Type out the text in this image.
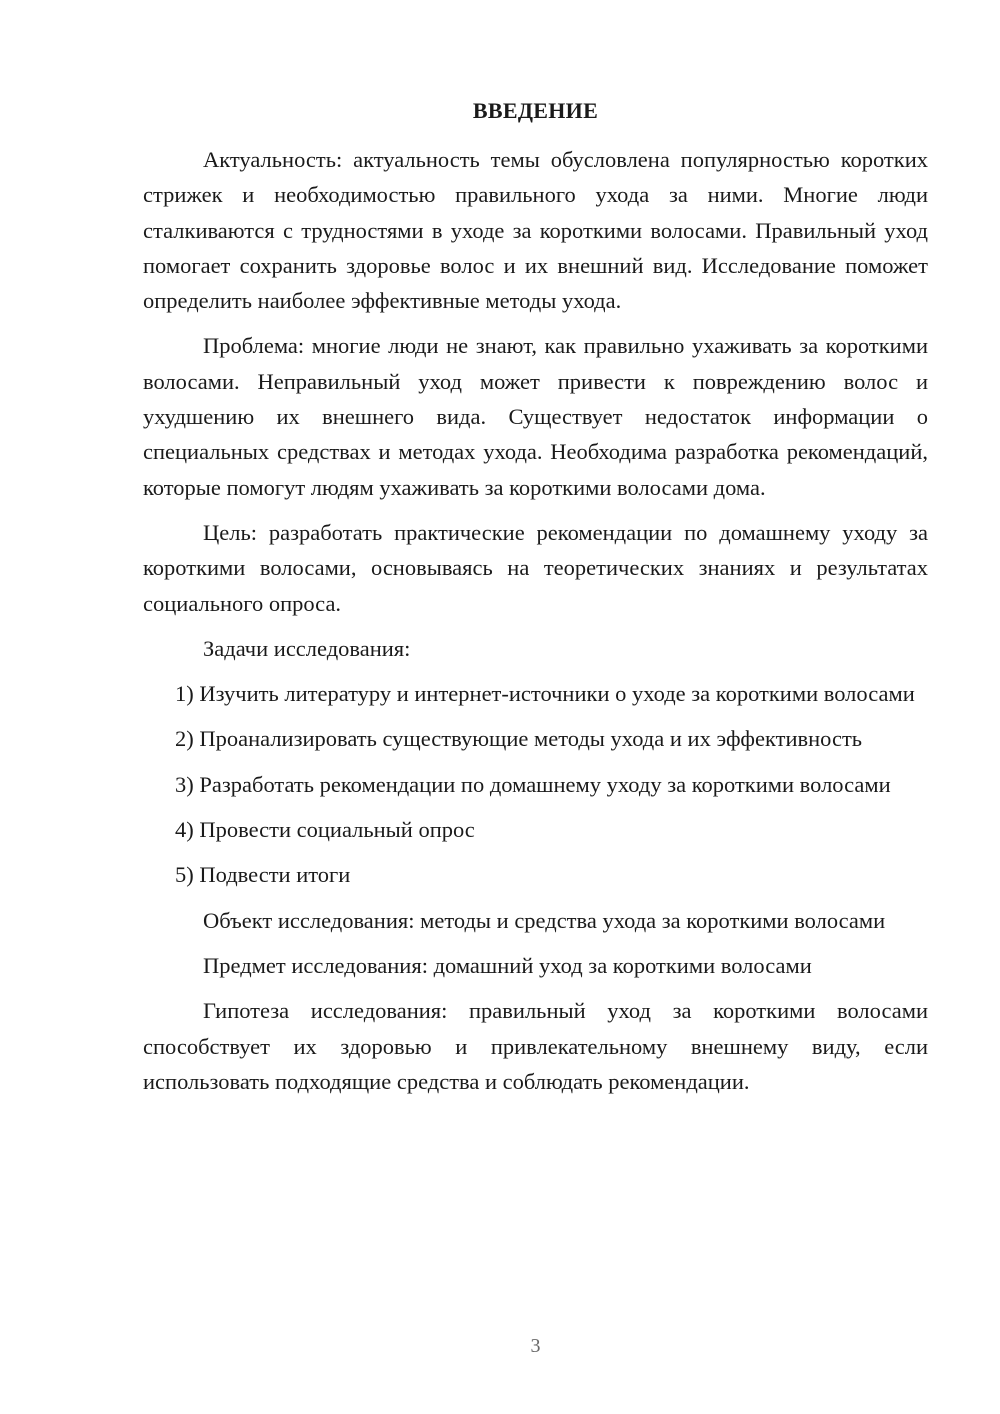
ВВЕДЕНИЕ

Актуальность: актуальность темы обусловлена популярностью коротких стрижек и необходимостью правильного ухода за ними. Многие люди сталкиваются с трудностями в уходе за короткими волосами. Правильный уход помогает сохранить здоровье волос и их внешний вид. Исследование поможет определить наиболее эффективные методы ухода.

Проблема: многие люди не знают, как правильно ухаживать за короткими волосами. Неправильный уход может привести к повреждению волос и ухудшению их внешнего вида. Существует недостаток информации о специальных средствах и методах ухода. Необходима разработка рекомендаций, которые помогут людям ухаживать за короткими волосами дома.

Цель: разработать практические рекомендации по домашнему уходу за короткими волосами, основываясь на теоретических знаниях и результатах социального опроса.

Задачи исследования:

1) Изучить литературу и интернет-источники о уходе за короткими волосами

2) Проанализировать существующие методы ухода и их эффективность

3) Разработать рекомендации по домашнему уходу за короткими волосами

4) Провести социальный опрос

5) Подвести итоги

Объект исследования: методы и средства ухода за короткими волосами

Предмет исследования: домашний уход за короткими волосами

Гипотеза исследования: правильный уход за короткими волосами способствует их здоровью и привлекательному внешнему виду, если использовать подходящие средства и соблюдать рекомендации.

3
